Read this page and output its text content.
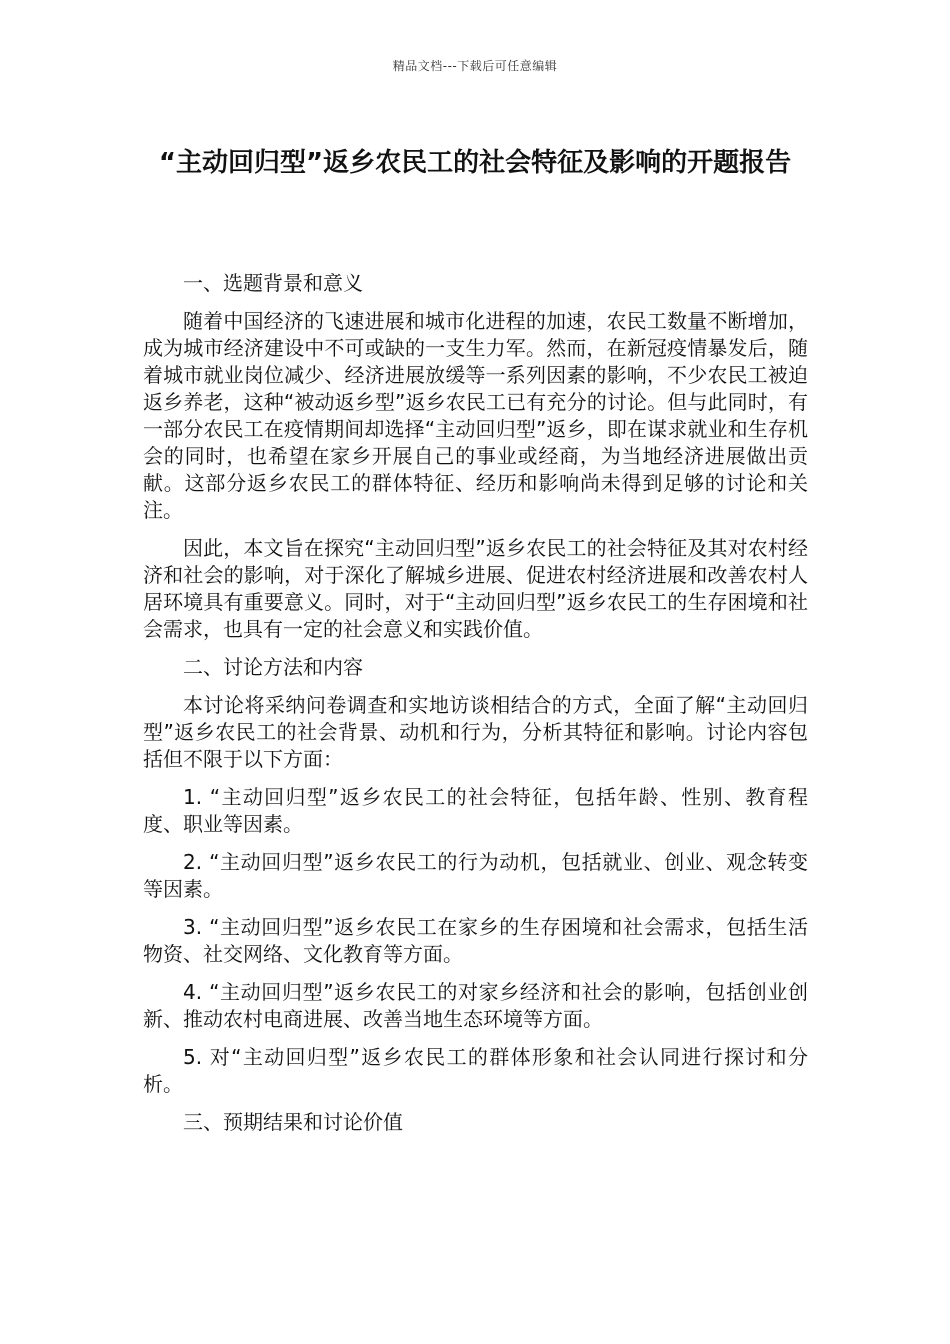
精品文档---下载后可任意编辑
“主动回归型”返乡农民工的社会特征及影响的开题报告

一、选题背景和意义

随着中国经济的飞速进展和城市化进程的加速，农民工数量不断增加，成为城市经济建设中不可或缺的一支生力军。然而，在新冠疫情暴发后，随着城市就业岗位减少、经济进展放缓等一系列因素的影响，不少农民工被迫返乡养老，这种“被动返乡型”返乡农民工已有充分的讨论。但与此同时，有一部分农民工在疫情期间却选择“主动回归型”返乡，即在谋求就业和生存机会的同时，也希望在家乡开展自己的事业或经商，为当地经济进展做出贡献。这部分返乡农民工的群体特征、经历和影响尚未得到足够的讨论和关注。

因此，本文旨在探究“主动回归型”返乡农民工的社会特征及其对农村经济和社会的影响，对于深化了解城乡进展、促进农村经济进展和改善农村人居环境具有重要意义。同时，对于“主动回归型”返乡农民工的生存困境和社会需求，也具有一定的社会意义和实践价值。

二、讨论方法和内容

本讨论将采纳问卷调查和实地访谈相结合的方式，全面了解“主动回归型”返乡农民工的社会背景、动机和行为，分析其特征和影响。讨论内容包括但不限于以下方面：

1. “主动回归型”返乡农民工的社会特征，包括年龄、性别、教育程度、职业等因素。

2. “主动回归型”返乡农民工的行为动机，包括就业、创业、观念转变等因素。

3. “主动回归型”返乡农民工在家乡的生存困境和社会需求，包括生活物资、社交网络、文化教育等方面。

4. “主动回归型”返乡农民工的对家乡经济和社会的影响，包括创业创新、推动农村电商进展、改善当地生态环境等方面。

5. 对“主动回归型”返乡农民工的群体形象和社会认同进行探讨和分析。

三、预期结果和讨论价值
